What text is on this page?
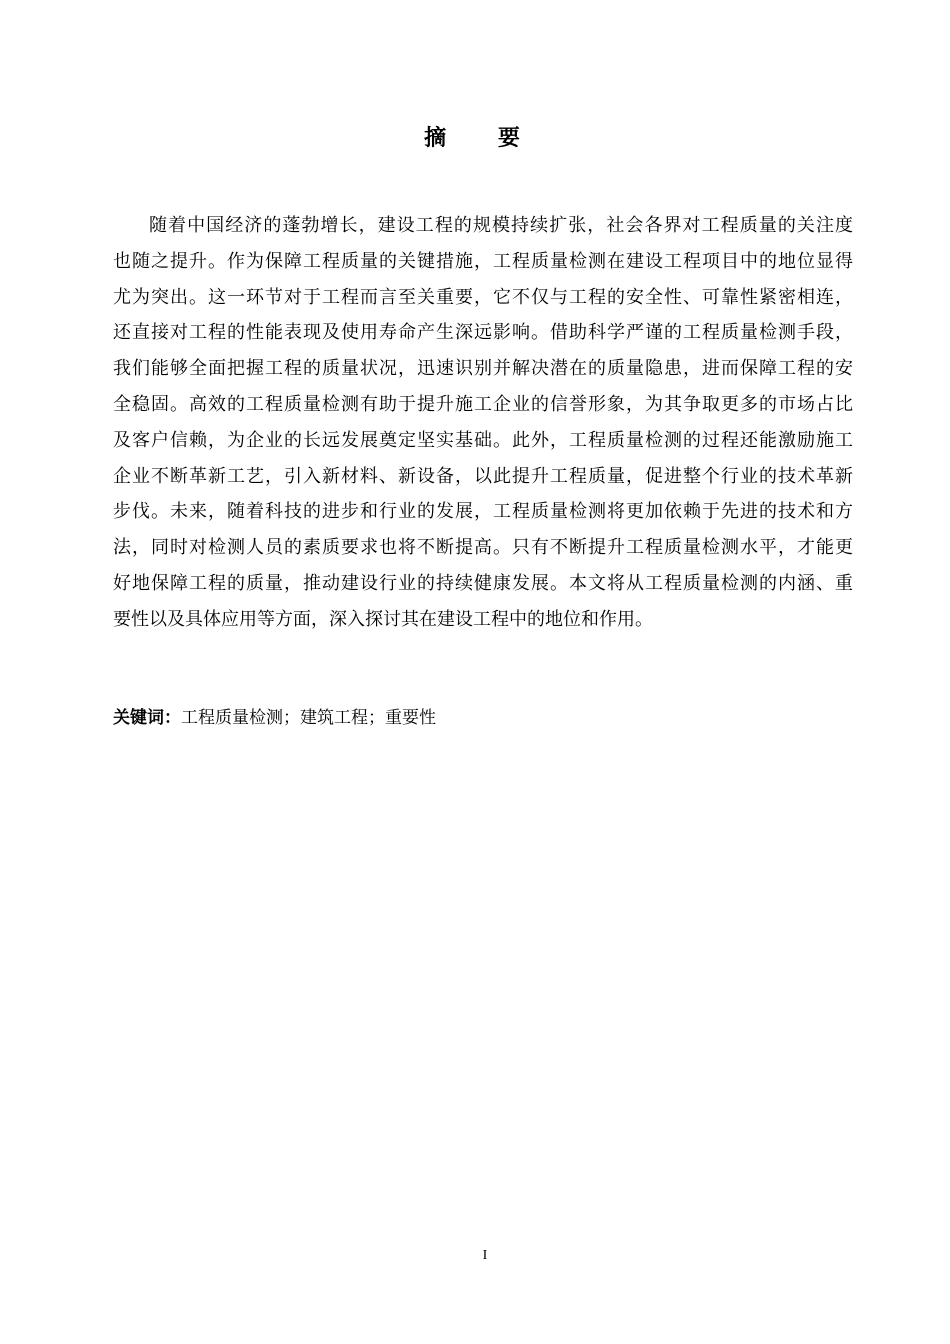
摘 要

随着中国经济的蓬勃增长，建设工程的规模持续扩张，社会各界对工程质量的关注度
也随之提升。作为保障工程质量的关键措施，工程质量检测在建设工程项目中的地位显得
尤为突出。这一环节对于工程而言至关重要，它不仅与工程的安全性、可靠性紧密相连，
还直接对工程的性能表现及使用寿命产生深远影响。借助科学严谨的工程质量检测手段，
我们能够全面把握工程的质量状况，迅速识别并解决潜在的质量隐患，进而保障工程的安
全稳固。高效的工程质量检测有助于提升施工企业的信誉形象，为其争取更多的市场占比
及客户信赖，为企业的长远发展奠定坚实基础。此外，工程质量检测的过程还能激励施工
企业不断革新工艺，引入新材料、新设备，以此提升工程质量，促进整个行业的技术革新
步伐。未来，随着科技的进步和行业的发展，工程质量检测将更加依赖于先进的技术和方
法，同时对检测人员的素质要求也将不断提高。只有不断提升工程质量检测水平，才能更
好地保障工程的质量，推动建设行业的持续健康发展。本文将从工程质量检测的内涵、重
要性以及具体应用等方面，深入探讨其在建设工程中的地位和作用。

关键词：工程质量检测；建筑工程；重要性
I
